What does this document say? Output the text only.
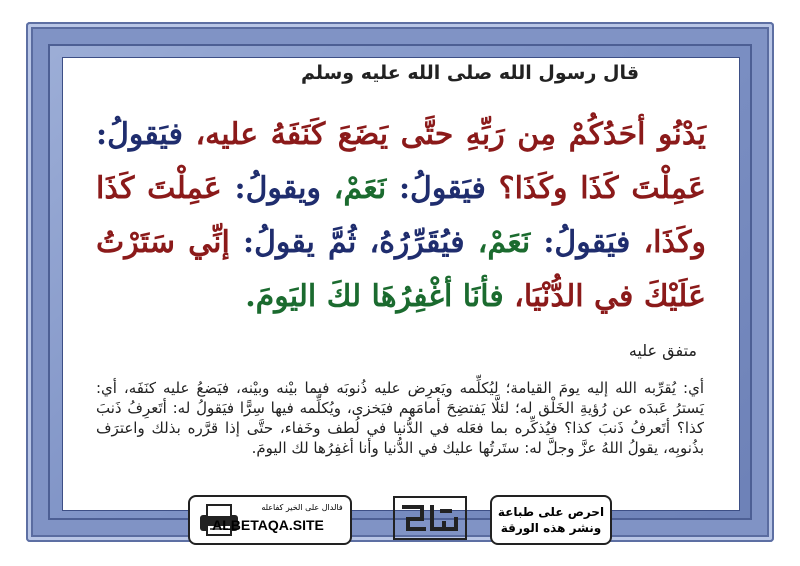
قال رسول الله صلى الله عليه وسلم
يَدْنُو أحَدُكُمْ مِن رَبِّهِ حتَّى يَضَعَ كَنَفَهُ عليه، فيَقولُ: عَمِلْتَ كَذَا وكَذَا؟ فيَقولُ: نَعَمْ، ويقولُ: عَمِلْتَ كَذَا وكَذَا، فيَقولُ: نَعَمْ، فيُقَرِّرُهُ، ثُمَّ يقولُ: إنِّي سَتَرْتُ عَلَيْكَ في الدُّنْيَا، فأنَا أغْفِرُهَا لكَ اليَومَ.
متفق عليه
أي: يُقرِّبه الله إليه يومَ القيامة؛ ليُكلِّمه ويَعرِض عليه ذُنوبَه فيما بيْنه وبيْنه، فيَضعُ عليه كنَفَه، أي: يَسترُ عَبدَه عن رُؤيةِ الخَلْق له؛ لئلَّا يَفتضِحَ أمامَهم فيَخزى، ويُكلِّمه فيها سِرًّا فيَقولُ له: أتَعرِفُ ذَنبَ كذا؟ أتَعرفُ ذَنبَ كذا؟ فيُذكِّره بما فعَله في الدُّنيا في لُطف وخَفاء، حتَّى إذا قرَّره بذلك واعترَف بذُنوبِه، يقولُ اللهُ عزَّ وجلَّ له: ستَرتُها عليك في الدُّنيا وأنا أغفِرُها لك اليومَ.
فالدال على الخير كفاعله
ALBETAQA.SITE
احرص على طباعة
ونشر هذه الورقة
